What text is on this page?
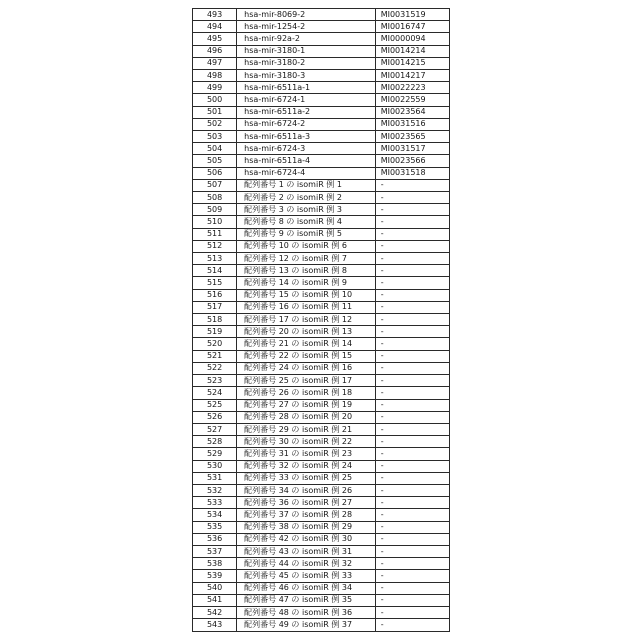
493	hsa-mir-8069-2	MI0031519
494	hsa-mir-1254-2	MI0016747
495	hsa-mir-92a-2	MI0000094
496	hsa-mir-3180-1	MI0014214
497	hsa-mir-3180-2	MI0014215
498	hsa-mir-3180-3	MI0014217
499	hsa-mir-6511a-1	MI0022223
500	hsa-mir-6724-1	MI0022559
501	hsa-mir-6511a-2	MI0023564
502	hsa-mir-6724-2	MI0031516
503	hsa-mir-6511a-3	MI0023565
504	hsa-mir-6724-3	MI0031517
505	hsa-mir-6511a-4	MI0023566
506	hsa-mir-6724-4	MI0031518
507	配列番号 1 の isomiR 例 1	-
508	配列番号 2 の isomiR 例 2	-
509	配列番号 3 の isomiR 例 3	-
510	配列番号 8 の isomiR 例 4	-
511	配列番号 9 の isomiR 例 5	-
512	配列番号 10 の isomiR 例 6	-
513	配列番号 12 の isomiR 例 7	-
514	配列番号 13 の isomiR 例 8	-
515	配列番号 14 の isomiR 例 9	-
516	配列番号 15 の isomiR 例 10	-
517	配列番号 16 の isomiR 例 11	-
518	配列番号 17 の isomiR 例 12	-
519	配列番号 20 の isomiR 例 13	-
520	配列番号 21 の isomiR 例 14	-
521	配列番号 22 の isomiR 例 15	-
522	配列番号 24 の isomiR 例 16	-
523	配列番号 25 の isomiR 例 17	-
524	配列番号 26 の isomiR 例 18	-
525	配列番号 27 の isomiR 例 19	-
526	配列番号 28 の isomiR 例 20	-
527	配列番号 29 の isomiR 例 21	-
528	配列番号 30 の isomiR 例 22	-
529	配列番号 31 の isomiR 例 23	-
530	配列番号 32 の isomiR 例 24	-
531	配列番号 33 の isomiR 例 25	-
532	配列番号 34 の isomiR 例 26	-
533	配列番号 36 の isomiR 例 27	-
534	配列番号 37 の isomiR 例 28	-
535	配列番号 38 の isomiR 例 29	-
536	配列番号 42 の isomiR 例 30	-
537	配列番号 43 の isomiR 例 31	-
538	配列番号 44 の isomiR 例 32	-
539	配列番号 45 の isomiR 例 33	-
540	配列番号 46 の isomiR 例 34	-
541	配列番号 47 の isomiR 例 35	-
542	配列番号 48 の isomiR 例 36	-
543	配列番号 49 の isomiR 例 37	-
